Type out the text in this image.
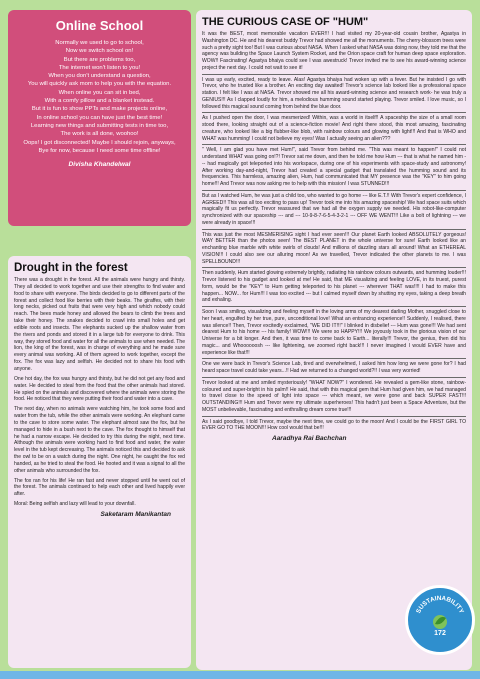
Online School
Normally we used to go to school,
Now we switch school on!
But there are problems too,
The internet won't listen to you!
When you don't understand a question,
You will quickly ask mom to help you with the equation.
When online you can sit in bed,
With a comfy pillow and a blanket instead.
But it is fun to show PPTs and make projects online,
In online school you can have just the best time!
Learning new things and submitting tests in time too,
The work is all done, woohoo!
Oops! I got disconnected! Maybe I should rejoin, anyways,
Bye for now, because I need some time offline!
Divisha Khandelwal
Drought in the forest

There was a drought in the forest. All the animals were hungry and thirsty. They all decided to work together and use their strengths to find water and food to share with everyone. The birds decided to go to different parts of the forest and collect food like berries with their beaks. The giraffes, with their long necks, picked out fruits that were very high and which nobody could reach. The bees made honey and allowed the bears to climb the trees and take their honey. The snakes decided to crawl into small holes and get edible roots and insects. The elephants sucked up the shallow water from the rivers and ponds and stored it in a large tub for everyone to drink. This way, they stored food and water for all the animals to use when needed. The lion, the king of the forest, was in charge of everything and he made sure every animal was working. All of them agreed to work together, except the fox. The fox was lazy and selfish. He decided not to share his food with anyone.

One hot day, the fox was hungry and thirsty, but he did not get any food and water. He decided to steal from the food that the other animals had stored. He spied on the animals and discovered where the animals were storing the food. He noticed that they were putting their food and water into a cave.

The next day, when no animals were watching him, he took some food and water from the tub, while the other animals were working. An elephant came to the cave to store some water. The elephant almost saw the fox, but he managed to hide in a bush next to the cave. The fox thought to himself that he had a narrow escape. He decided to try this during the night, next time. Although the animals were working hard to find food and water, the water level in the tub kept decreasing. The animals noticed this and decided to ask the owl to be on a watch during the night. One night, he caught the fox red handed, as he tried to steal the food. He hooted and it was a signal to all the other animals who surrounded the fox.

The fox ran for his life! He ran fast and never stopped until he went out of the forest. The animals continued to help each other and lived happily ever after.

Moral: Being selfish and lazy will lead to your downfall.

Saketaram Manikantan
THE CURIOUS CASE OF "HUM"

It was the BEST, most memorable vacation EVER!!! I had visited my 20-year-old cousin brother, Agastya in Washington DC. He and his dearest buddy Trevor had showed me all the monuments. The cherry-blossom trees were such a pretty sight too! But I was curious about NASA. When I asked what NASA was doing now, they told me that the agency was building the Space Launch System Rocket, and the Orion space craft for human deep space exploration. WOW!! Fascinating! Agastya bhaiya could see I was awestruck! Trevor invited me to see his award-winning science project the next day. I could not wait to see it!

I was up early, excited, ready to leave. Alas! Agastya bhaiya had woken up with a fever. But he insisted I go with Trevor, who he trusted like a brother. An exciting day awaited! Trevor's science lab looked like a professional space station. I felt like I was at NASA. Trevor showed me all his award-winning science and research work- he was truly a GENIUS!!! As I clapped loudly for him, a melodious humming sound started playing. Trevor smiled. I love music, so I followed this magical sound coming from behind the blue door.

As I pushed open the door, I was mesmerized! Within, was a world in itself!! A spaceship the size of a small room stood there, looking straight out of a science-fiction movie! And right there stood, this most amazing, fascinating creature, who looked like a big flubber-like blob, with rainbow colours and glowing with light!!! And that is WHO and WHAT was humming! I could not believe my eyes! Was I actually seeing an alien???

" Well, I am glad you have met Hum!", said Trevor from behind me. "This was meant to happen!" I could not understand WHAT was going on!?! Trevor sat me down, and then he told me how Hum --- that is what he named him --- had magically got teleported into his workspace, during one of his experiments with space-study and astronomy! After working day-and-night, Trevor had created a special gadget that translated the humming sound and its frequencies. This harmless, amazing alien, Hum, had communicated that MY presence was the "KEY" to him going home!!! And Trevor was now asking me to help with this mission! I was STUNNED!!!

But as I watched Hum, he was just a child too, who wanted to go home --- like E.T.!! With Trevor's expert confidence, I AGREED!! This was all too exciting to pass up! Trevor took me into his amazing spaceship! We had space suits which magically fit us perfectly. Trevor reassured that we had all the oxygen supply we needed. His robot-like-computer synchronized with our spaceship --- and --- 10-9-8-7-6-5-4-3-2-1 --- OFF WE WENT!!! Like a bolt of lightning --- we were already in space!!!

This was just the most MESMERISING sight I had ever seen!!! Our planet Earth looked ABSOLUTELY gorgeous! WAY BETTER than the photos seen! The BEST PLANET in the whole universe for sure! Earth looked like an enchanting blue marble with white swirls of clouds! And millions of dazzling stars all around! What an ETHEREAL VISION!!! I could also see our alluring moon! As we travelled, Trevor indicated the other planets to me. I was SPELLBOUND!!!

Then suddenly, Hum started glowing extremely brightly, radiating his rainbow colours outwards, and humming louder!!! Trevor listened to his gadget and looked at me! He said, that ME visualizing and feeling LOVE, in its truest, purest form, would be the "KEY" to Hum getting teleported to his planet --- wherever THAT was!!!! I had to make this happen... NOW... for Hum!!! I was too excited --- but I calmed myself down by shutting my eyes, taking a deep breath and exhaling.

Soon I was smiling, visualizing and feeling myself in the loving arms of my dearest darling Mother, snuggled close to her heart, engulfed by her true, pure, unconditional love! What an entrancing experience!! Suddenly, I realised, there was silence!! Then, Trevor excitedly exclaimed, "WE DID IT!!!" I blinked in disbelief --- Hum was gone!!! We had sent dearest Hum to his home --- his family! WOW!!! We were so HAPPY!!! We joyously took in the glorious vision of our Universe for a bit longer. And then, it was time to come back to Earth... literally!!! Trevor, the genius, then did his magic... and Whoooooosh --- like lightening, we zoomed right back!!! I never imagined I would EVER have and experience like that!!!

One we were back in Trevor's Science Lab, tired and overwhelmed, I asked him how long we were gone for? I had heard space travel could take years...!! Had we returned to a changed world?!! I was very worried!

Trevor looked at me and smiled mysteriously! "WHAT NOW?" I wondered. He revealed a gem-like stone, rainbow-coloured and super-bright in his palm!! He said, that with this magical gem that Hum had given him, we had managed to travel close to the speed of light into space --- which meant, we were gone and back SUPER FAST!!! OUTSTANDING!!! Hum and Trevor were my ultimate superheroes! This hadn't just been a Space Adventure, but the MOST unbelievable, fascinating and enthralling dream come true!!!

As I said goodbye, I told Trevor, maybe the next time, we could go to the moon! And I could be the FIRST GIRL TO EVER GO TO THE MOON!!! How cool would that be!!!

Aaradhya Rai Bachchan
SUSTAINABILITY
172
